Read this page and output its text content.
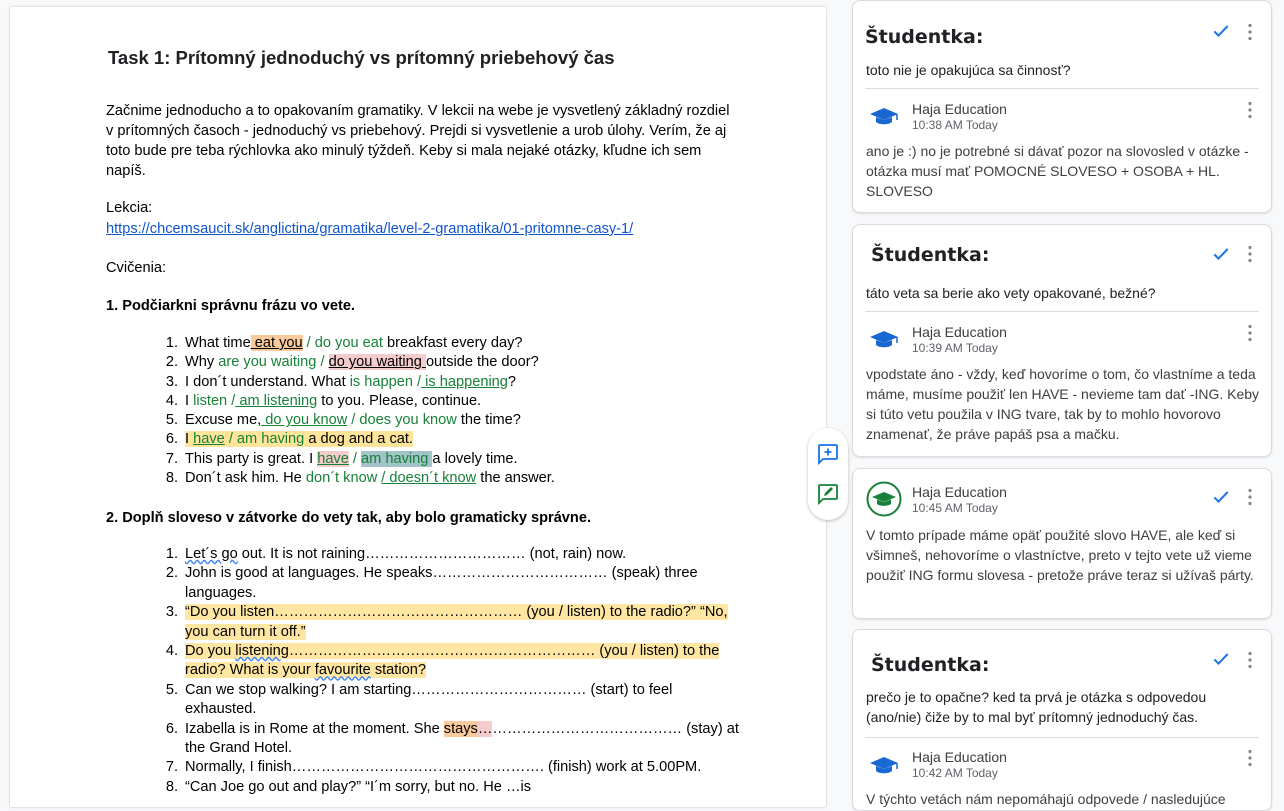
Task 1: Prítomný jednoduchý vs prítomný priebehový čas
Začnime jednoducho a to opakovaním gramatiky. V lekcii na webe je vysvetlený základný rozdiel v prítomných časoch - jednoduchý vs priebehový. Prejdi si vysvetlenie a urob úlohy. Verím, že aj toto bude pre teba rýchlovka ako minulý týždeň. Keby si mala nejaké otázky, kľudne ich sem napíš.
Lekcia:
https://chcemsaucit.sk/anglictina/gramatika/level-2-gramatika/01-pritomne-casy-1/
Cvičenia:
1. Podčiarkni správnu frázu vo vete.
1. What time eat you / do you eat breakfast every day?
2. Why are you waiting / do you waiting outside the door?
3. I don´t understand. What is happen / is happening?
4. I listen / am listening to you. Please, continue.
5. Excuse me, do you know / does you know the time?
6. I have / am having a dog and a cat.
7. This party is great. I have / am having a lovely time.
8. Don´t ask him. He don´t know / doesn´t know the answer.
2. Doplň sloveso v zátvorke do vety tak, aby bolo gramaticky správne.
1. Let´s go out. It is not raining…………………………… (not, rain) now.
2. John is good at languages. He speaks……………………………… (speak) three languages.
3. “Do you listen…………………………………………… (you / listen) to the radio?” “No, you can turn it off.”
4. Do you listening……………………………………………………… (you / listen) to the radio? What is your favourite station?
5. Can we stop walking? I am starting……………………………… (start) to feel exhausted.
6. Izabella is in Rome at the moment. She stays…………………………………… (stay) at the Grand Hotel.
7. Normally, I finish……………………………………………. (finish) work at 5.00PM.
8. “Can Joe go out and play?” “I´m sorry, but no. He …is
Študentka:
toto nie je opakujúca sa činnosť?
Haja Education
10:38 AM Today
ano je :) no je potrebné si dávať pozor na slovosled v otázke - otázka musí mať POMOCNÉ SLOVESO + OSOBA + HL. SLOVESO
Študentka:
táto veta sa berie ako vety opakované, bežné?
Haja Education
10:39 AM Today
vpodstate áno - vždy, keď hovoríme o tom, čo vlastníme a teda máme, musíme použiť len HAVE - nevieme tam dať -ING. Keby si túto vetu použila v ING tvare, tak by to mohlo hovorovo znamenať, že práve papáš psa a mačku.
Haja Education
10:45 AM Today
V tomto prípade máme opäť použité slovo HAVE, ale keď si všimneš, nehovoríme o vlastníctve, preto v tejto vete už vieme použiť ING formu slovesa - pretože práve teraz si užívaš párty.
Študentka:
prečo je to opačne? ked ta prvá je otázka s odpovedou (ano/nie) čiže by to mal byť prítomný jednoduchý čas.
Haja Education
10:42 AM Today
V týchto vetách nám nepomáhajú odpovede / nasledujúce
